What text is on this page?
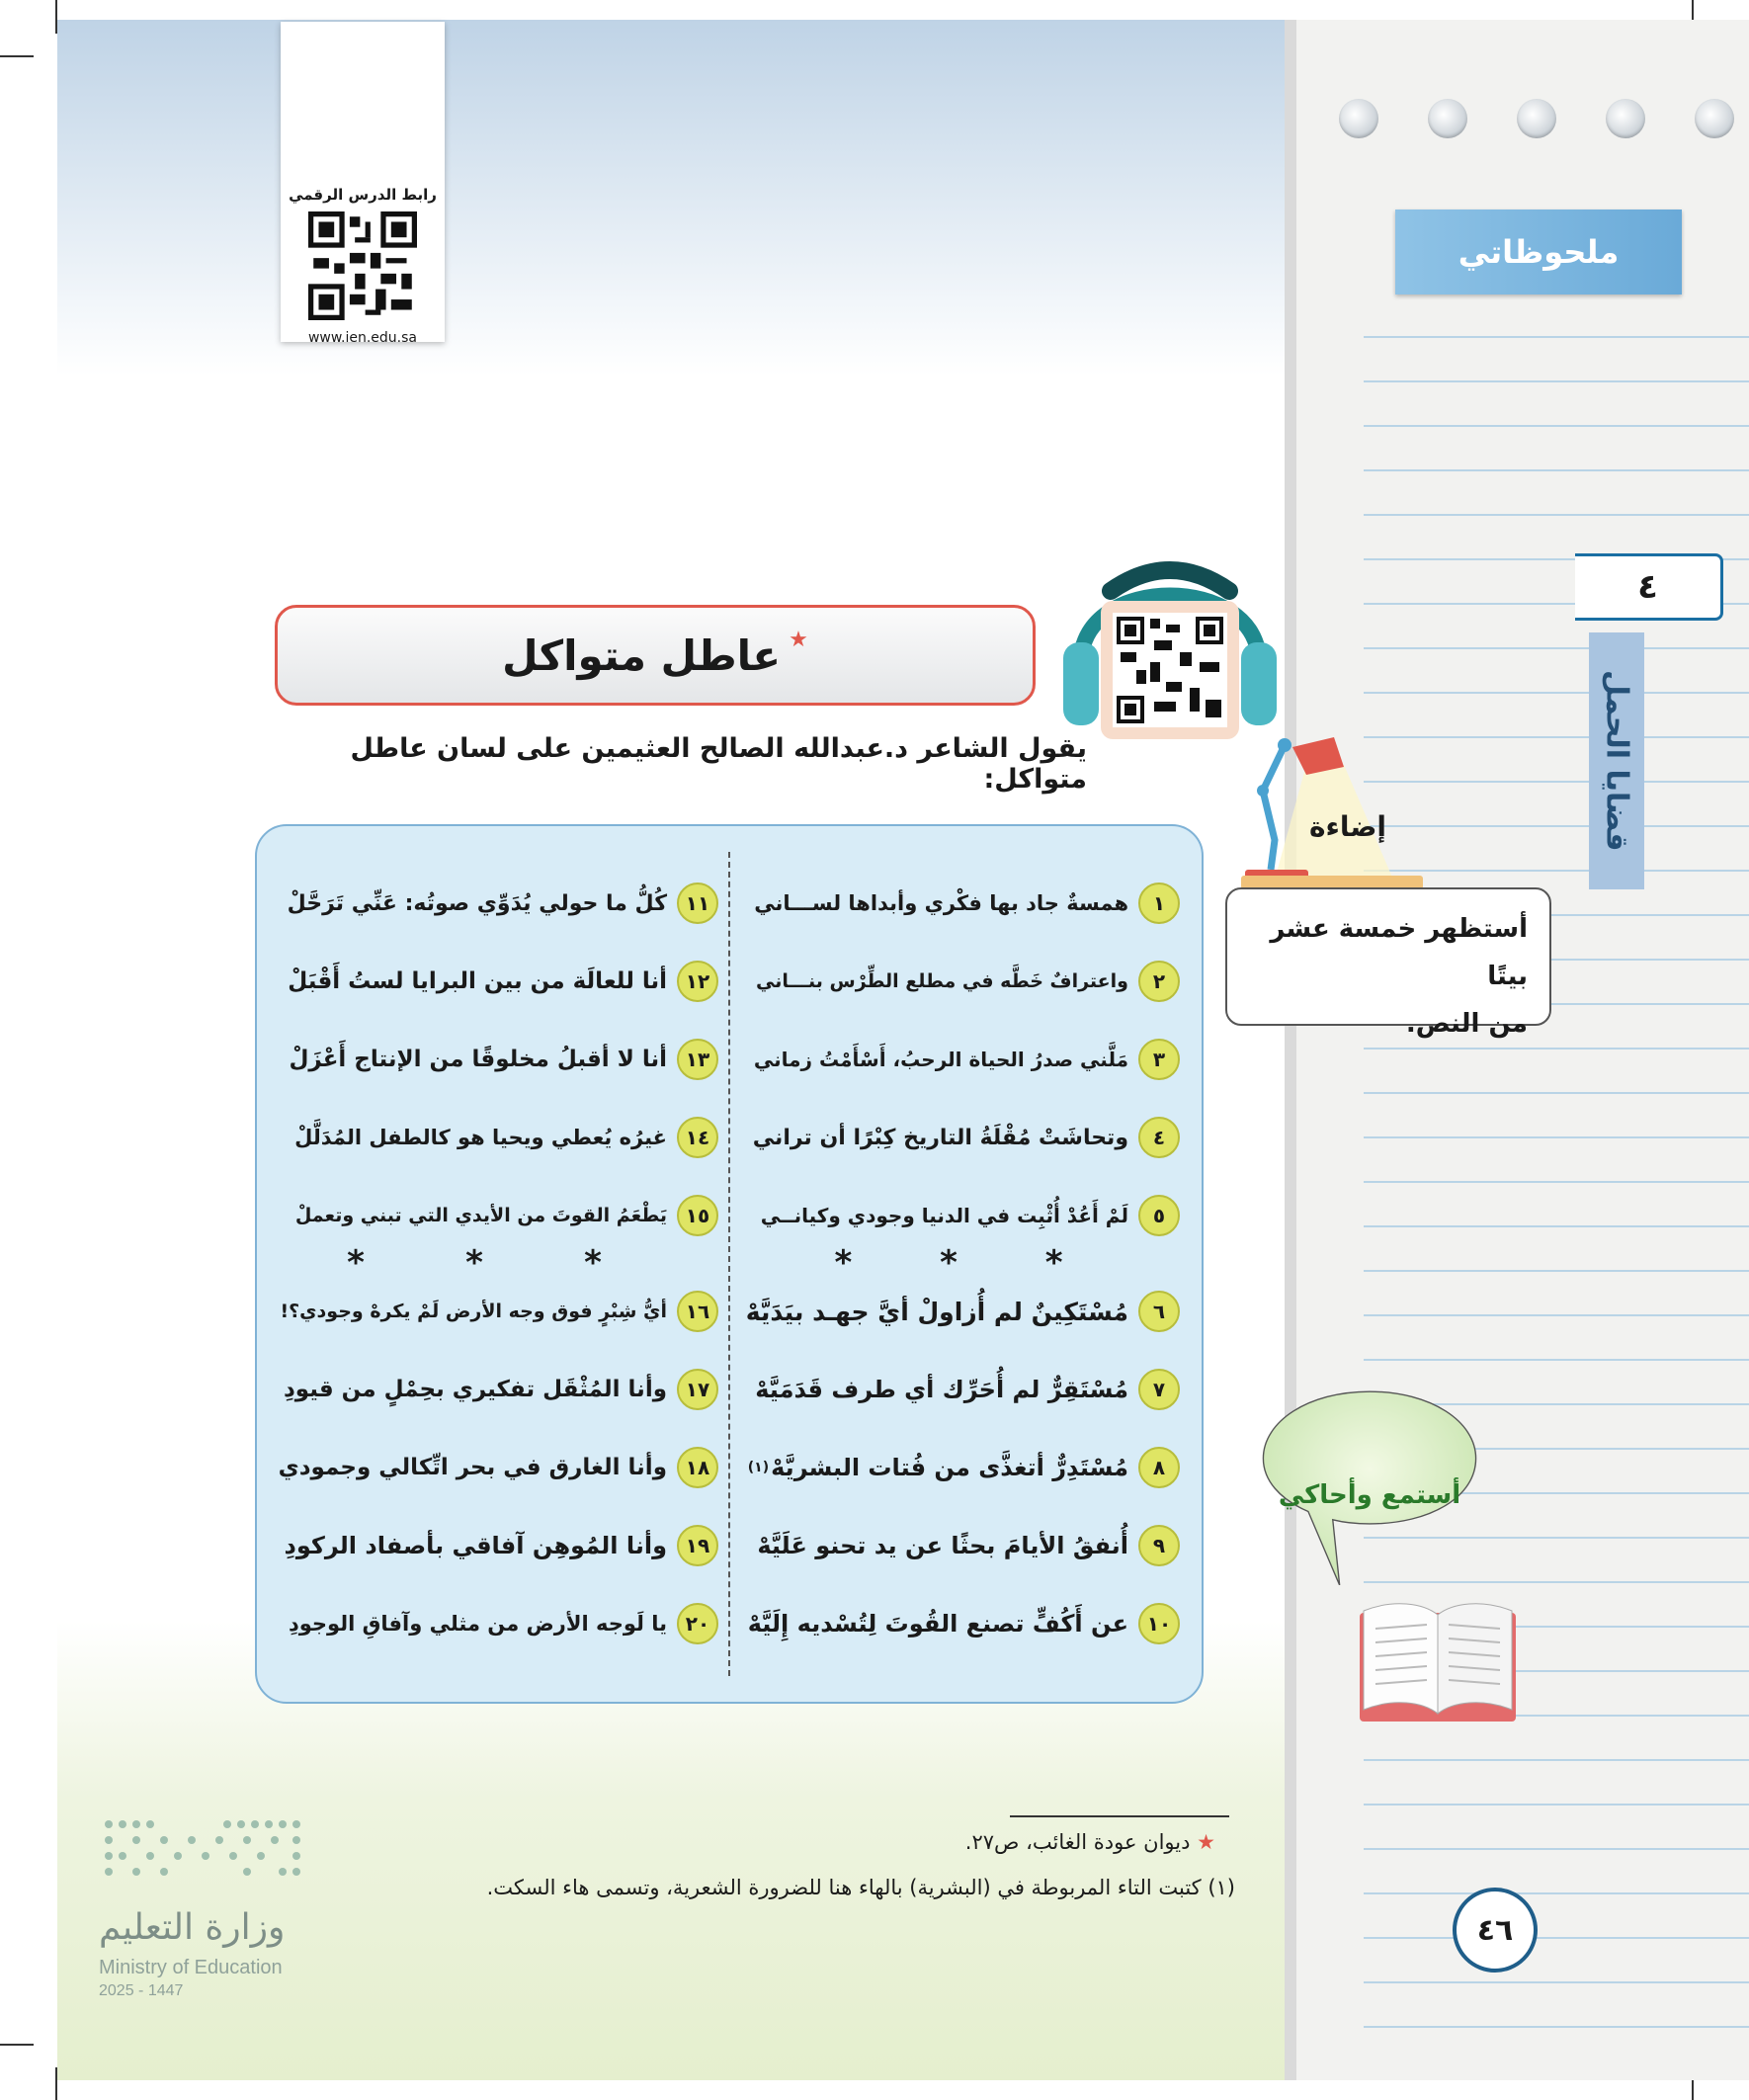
ملحوظاتي
٤
قضايا الحمل
رابط الدرس الرقمي
www.ien.edu.sa
عاطل متواكل ★
يقول الشاعر د.عبدالله الصالح العثيمين على لسان عاطل متواكل:
١
همسةٌ جاد بها فكْري وأبداها لســـاني
٢
واعترافٌ خَطَّه في مطلع الطِّرْس بنـــاني
٣
مَلَّني صدرُ الحياة الرحبُ، أَسْأَمْتُ زماني
٤
وتحاشَتْ مُقْلَةُ التاريخ كِبْرًا أن تراني
٥
لَمْ أَعُدْ أُثْبِت في الدنيا وجودي وكيانــي
٦
مُسْتَكِينٌ لم أُزاولْ أيَّ جهـد بيَدَيَّهْ
٧
مُسْتَقِرٌّ لم أُحَرِّك أي طرف قَدَمَيَّهْ
٨
مُسْتَدِرٌّ أتغذَّى من فُتات البشريَّهْ
(١)
٩
أُنفقُ الأيامَ بحثًا عن يد تحنو عَلَيَّهْ
١٠
عن أَكُفٍّ تصنع القُوتَ لِتُسْديه إِلَيَّهْ
١١
كُلُّ ما حولي يُدَوِّي صوتُه: عَنِّي تَرَحَّلْ
١٢
أنا للعالَة من بين البرايا لستُ أَقْبَلْ
١٣
أنا لا أقبلُ مخلوقًا من الإنتاج أَعْزَلْ
١٤
غيرُه يُعطي ويحيا هو كالطفل المُدَلَّلْ
١٥
يَطْعَمُ القوتَ من الأيدي التي تبني وتعملْ
١٦
أيُّ شِبْرٍ فوق وجه الأرض لَمْ يكرهْ وجودي؟!
١٧
وأنا المُثْقَل تفكيري بحِمْلٍ من قيودِ
١٨
وأنا الغارق في بحر اتِّكالي وجمودي
١٩
وأنا المُوهِن آفاقي بأصفاد الركودِ
٢٠
يا لَوجه الأرض من مثلي وآفاقِ الوجودِ
*	*	*
*	*	*
إضاءة
أستظهر خمسة عشر بيتًا
من النص.
أستمع وأحاكي
★ ديوان عودة الغائب، ص٢٧.
(١) كتبت التاء المربوطة في (البشرية) بالهاء هنا للضرورة الشعرية، وتسمى هاء السكت.
٤٦
وزارة التعليم
Ministry of Education
2025 - 1447
